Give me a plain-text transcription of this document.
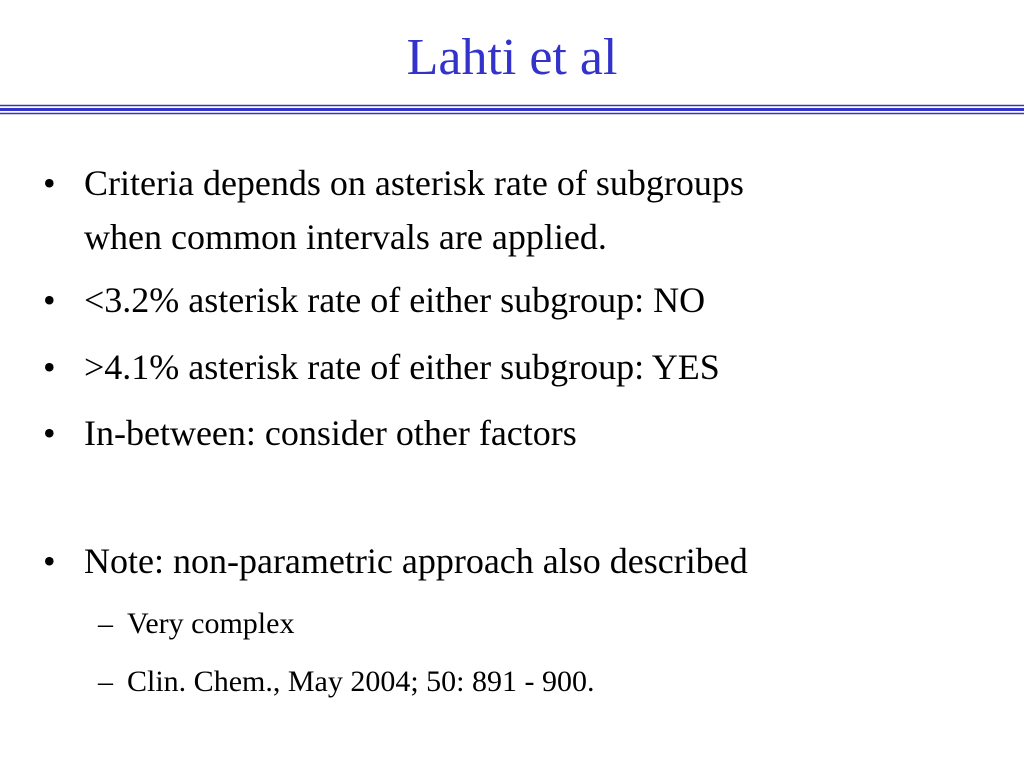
Lahti et al
• Criteria depends on asterisk rate of subgroups
when common intervals are applied.
• <3.2% asterisk rate of either subgroup: NO
• >4.1% asterisk rate of either subgroup: YES
• In-between: consider other factors
• Note: non-parametric approach also described
– Very complex
– Clin. Chem., May 2004; 50: 891 - 900.
